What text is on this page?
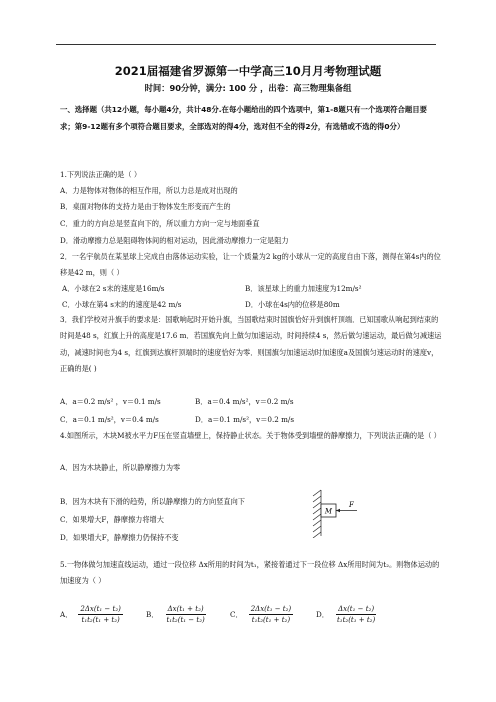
2021届福建省罗源第一中学高三10月月考物理试题
时间：90分钟，满分: 100 分 ，出卷：高三物理集备组
一、选择题（共12小题，每小题4分，共计48分.在每小题给出的四个选项中，第1-8题只有一个选项符合题目要求；第9-12题有多个项符合题目要求，全部选对的得4分，选对但不全的得2分，有选错或不选的得0分）
1.下列说法正确的是（ ）
A．力是物体对物体的相互作用，所以力总是成对出现的
B．桌面对物体的支持力是由于物体发生形变而产生的
C．重力的方向总是竖直向下的，所以重力方向一定与地面垂直
D．滑动摩擦力总是阻碍物体间的相对运动，因此滑动摩擦力一定是阻力
2．一名宇航员在某星球上完成自由落体运动实验，让一个质量为2 kg的小球从一定的高度自由下落，测得在第4s内的位移是42 m，则（ ）
A．小球在2 s末的速度是16m/s	B．该星球上的重力加速度为12m/s²
C．小球在第4 s末的的速度是42 m/s	D．小球在4s内的位移是80m
3．我们学校对升旗手的要求是：国歌响起时开始升旗，当国歌结束时国旗恰好升到旗杆顶端．已知国歌从响起到结束的时间是48 s，红旗上升的高度是17.6 m．若国旗先向上做匀加速运动，时间持续4 s，然后做匀速运动，最后做匀减速运动，减速时间也为4 s，红旗到达旗杆顶端时的速度恰好为零．则国旗匀加速运动时加速度a及国旗匀速运动时的速度v，正确的是( )
A．a＝0.2 m/s² ，v＝0.1 m/s	B．a＝0.4 m/s²，v＝0.2 m/s
C．a＝0.1 m/s²，v＝0.4 m/s	D．a＝0.1 m/s²，v＝0.2 m/s
4.如图所示，木块M被水平力F压在竖直墙壁上，保持静止状态。关于物体受到墙壁的静摩擦力，下列说法正确的是（ ）
A．因为木块静止，所以静摩擦力为零
B．因为木块有下滑的趋势，所以静摩擦力的方向竖直向下
C．如果增大F，静摩擦力将增大
D．如果增大F，静摩擦力仍保持不变
M
F
5.一物体做匀加速直线运动，通过一段位移 Δx所用的时间为t₁，紧接着通过下一段位移 Δx所用时间为t₂。则物体运动的加速度为（ ）
A． $\frac{\text{2Δx(t₁ − t₂)}}{\text{t₁t₂(t₁ + t₂)}}$	B． $\frac{\text{Δx(t₁ + t₂)}}{\text{t₁t₂(t₁ − t₂)}}$	C． $\frac{\text{2Δx(t₁ − t₂)}}{\text{t₁t₂(t₁ + t₂)}}$	D． $\frac{\text{Δx(t₁ − t₂)}}{\text{t₁t₂(t₁ + t₂)}}$
